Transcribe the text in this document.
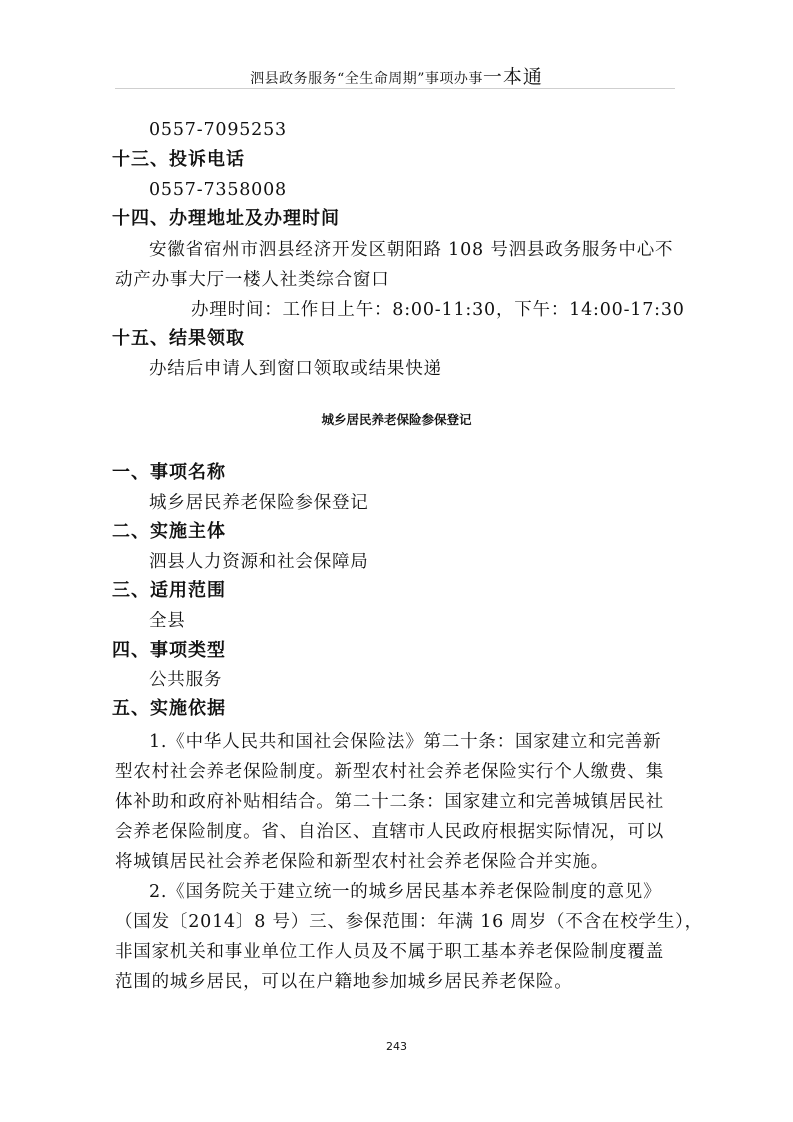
泗县政务服务“全生命周期”事项办事一本通
0557-7095253
十三、投诉电话
0557-7358008
十四、办理地址及办理时间
安徽省宿州市泗县经济开发区朝阳路 108 号泗县政务服务中心不
动产办事大厅一楼人社类综合窗口
办理时间：工作日上午：8:00-11:30，下午：14:00-17:30
十五、结果领取
办结后申请人到窗口领取或结果快递
城乡居民养老保险参保登记
一、事项名称
城乡居民养老保险参保登记
二、实施主体
泗县人力资源和社会保障局
三、适用范围
全县
四、事项类型
公共服务
五、实施依据
1.《中华人民共和国社会保险法》第二十条：国家建立和完善新
型农村社会养老保险制度。新型农村社会养老保险实行个人缴费、集
体补助和政府补贴相结合。第二十二条：国家建立和完善城镇居民社
会养老保险制度。省、自治区、直辖市人民政府根据实际情况，可以
将城镇居民社会养老保险和新型农村社会养老保险合并实施。
2.《国务院关于建立统一的城乡居民基本养老保险制度的意见》
（国发〔2014〕8 号）三、参保范围：年满 16 周岁（不含在校学生），
非国家机关和事业单位工作人员及不属于职工基本养老保险制度覆盖
范围的城乡居民，可以在户籍地参加城乡居民养老保险。
243
